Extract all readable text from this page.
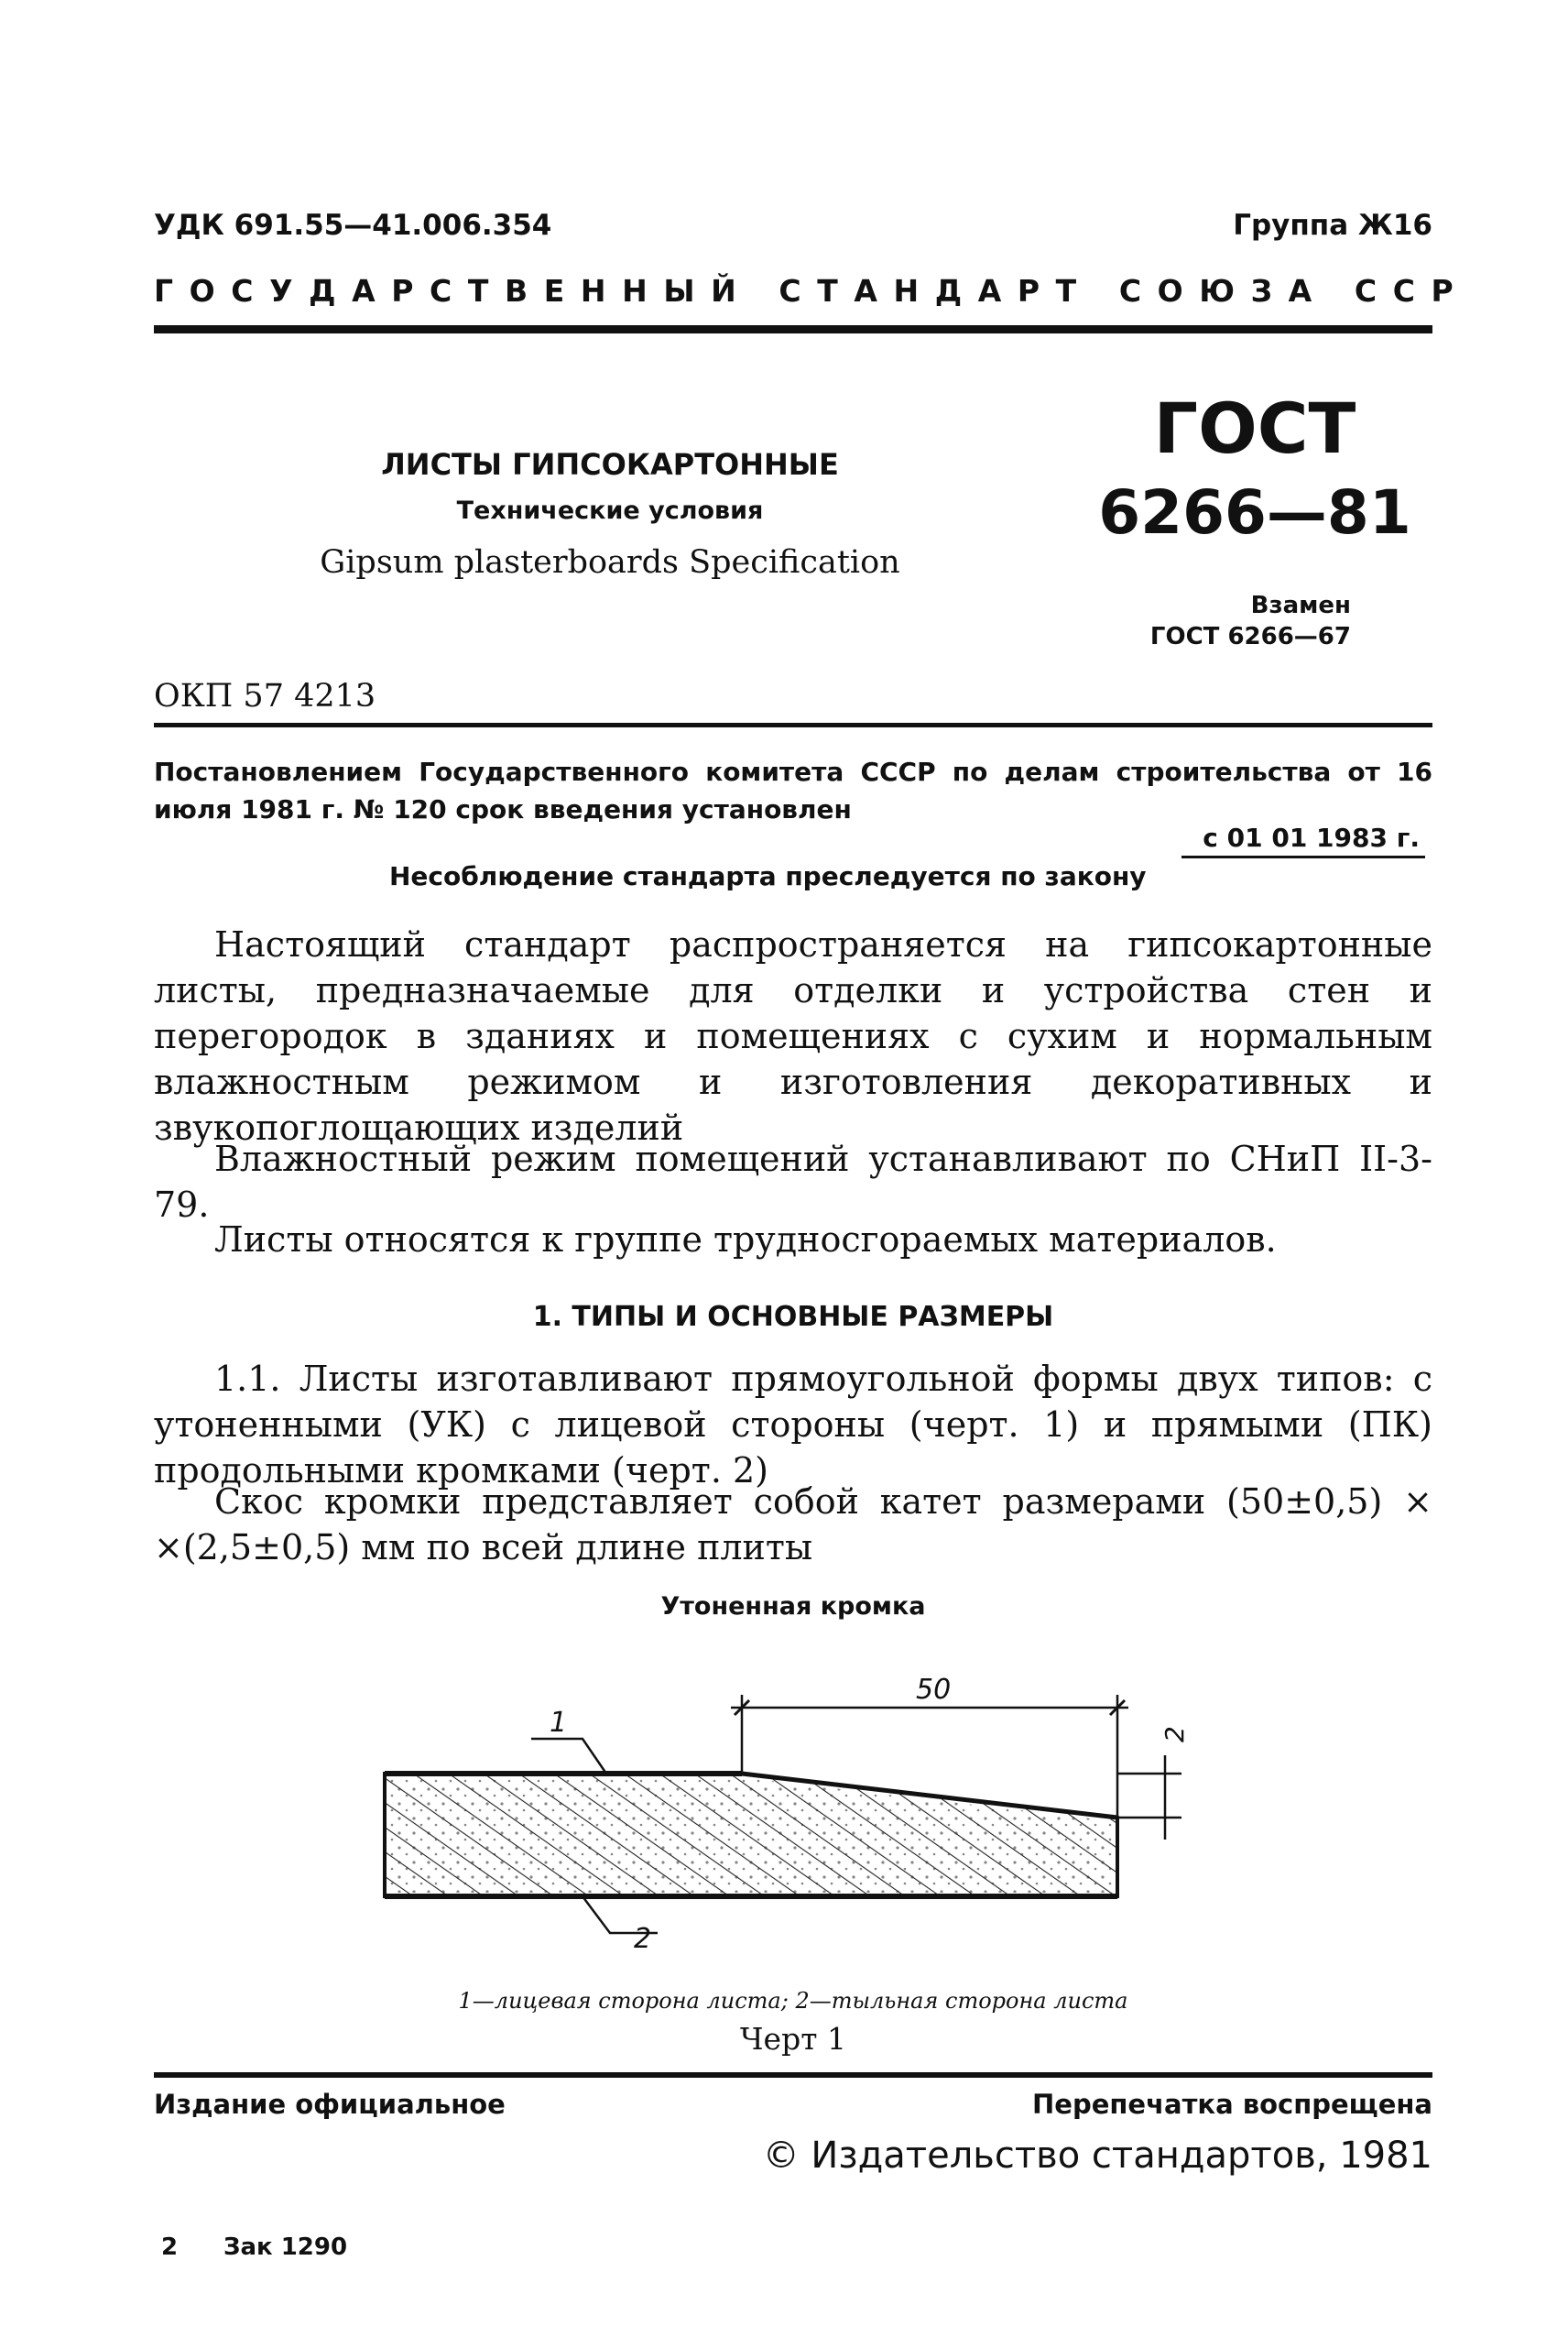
УДК 691.55—41.006.354	Группа Ж16
ГОСУДАРСТВЕННЫЙ СТАНДАРТ СОЮЗА ССР
ЛИСТЫ ГИПСОКАРТОННЫЕ
Технические условия
Gipsum plasterboards Specification
ГОСТ
6266—81
Взамен
ГОСТ 6266—67
ОКП 57 4213
Постановлением Государственного комитета СССР по делам строительства от 16 июля 1981 г. № 120 срок введения установлен
с 01 01 1983 г.
Несоблюдение стандарта преследуется по закону
Настоящий стандарт распространяется на гипсокартонные листы, предназначаемые для отделки и устройства стен и перегородок в зданиях и помещениях с сухим и нормальным влажностным режимом и изготовления декоративных и звукопоглощающих изделий
Влажностный режим помещений устанавливают по СНиП II-3-79.
Листы относятся к группе трудносгораемых материалов.
1. ТИПЫ И ОСНОВНЫЕ РАЗМЕРЫ
1.1. Листы изготавливают прямоугольной формы двух типов: с утоненными (УК) с лицевой стороны (черт. 1) и прямыми (ПК) продольными кромками (черт. 2)
Скос кромки представляет собой катет размерами (50±0,5) × ×(2,5±0,5) мм по всей длине плиты
Утоненная кромка
50
2
1
2
1—лицевая сторона листа; 2—тыльная сторона листа
Черт 1
Издание официальное	Перепечатка воспрещена
© Издательство стандартов, 1981
2 Зак 1290
